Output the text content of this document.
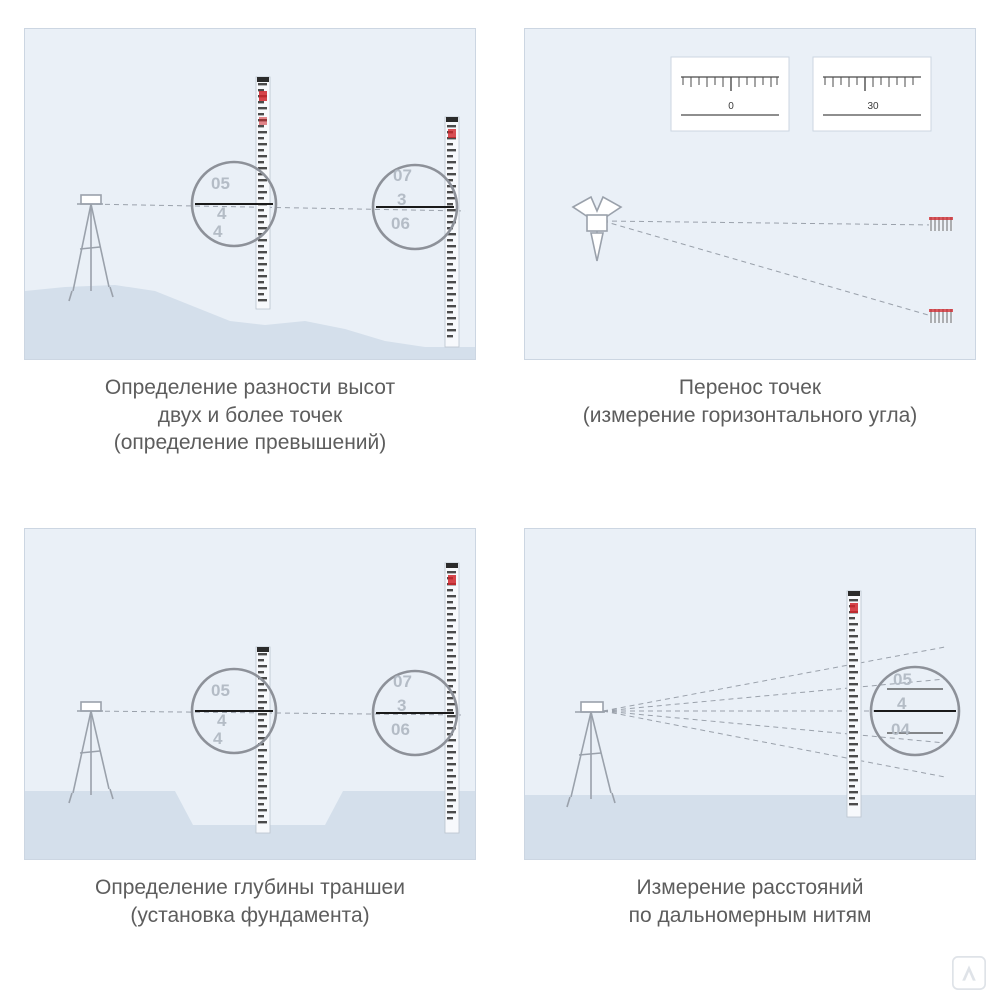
05
4
4
07
3
06
Определение разности высот
двух и более точек
(определение превышений)
0	30
Перенос точек
(измерение горизонтального угла)
05
4
4
07
3
06
Определение глубины траншеи
(установка фундамента)
05
4
04
Измерение расстояний
по дальномерным нитям
